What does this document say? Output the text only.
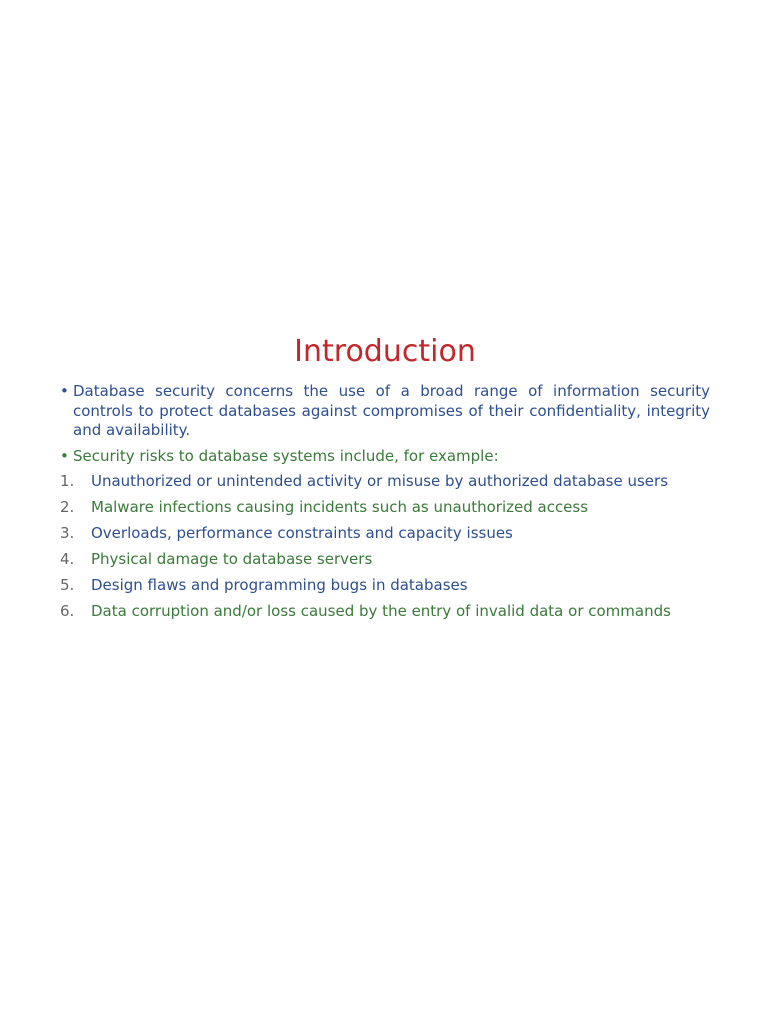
Introduction
• Database security concerns the use of a broad range of information security controls to protect databases against compromises of their confidentiality, integrity and availability.
• Security risks to database systems include, for example:
1. Unauthorized or unintended activity or misuse by authorized database users
2. Malware infections causing incidents such as unauthorized access
3. Overloads, performance constraints and capacity issues
4. Physical damage to database servers
5. Design flaws and programming bugs in databases
6. Data corruption and/or loss caused by the entry of invalid data or commands
